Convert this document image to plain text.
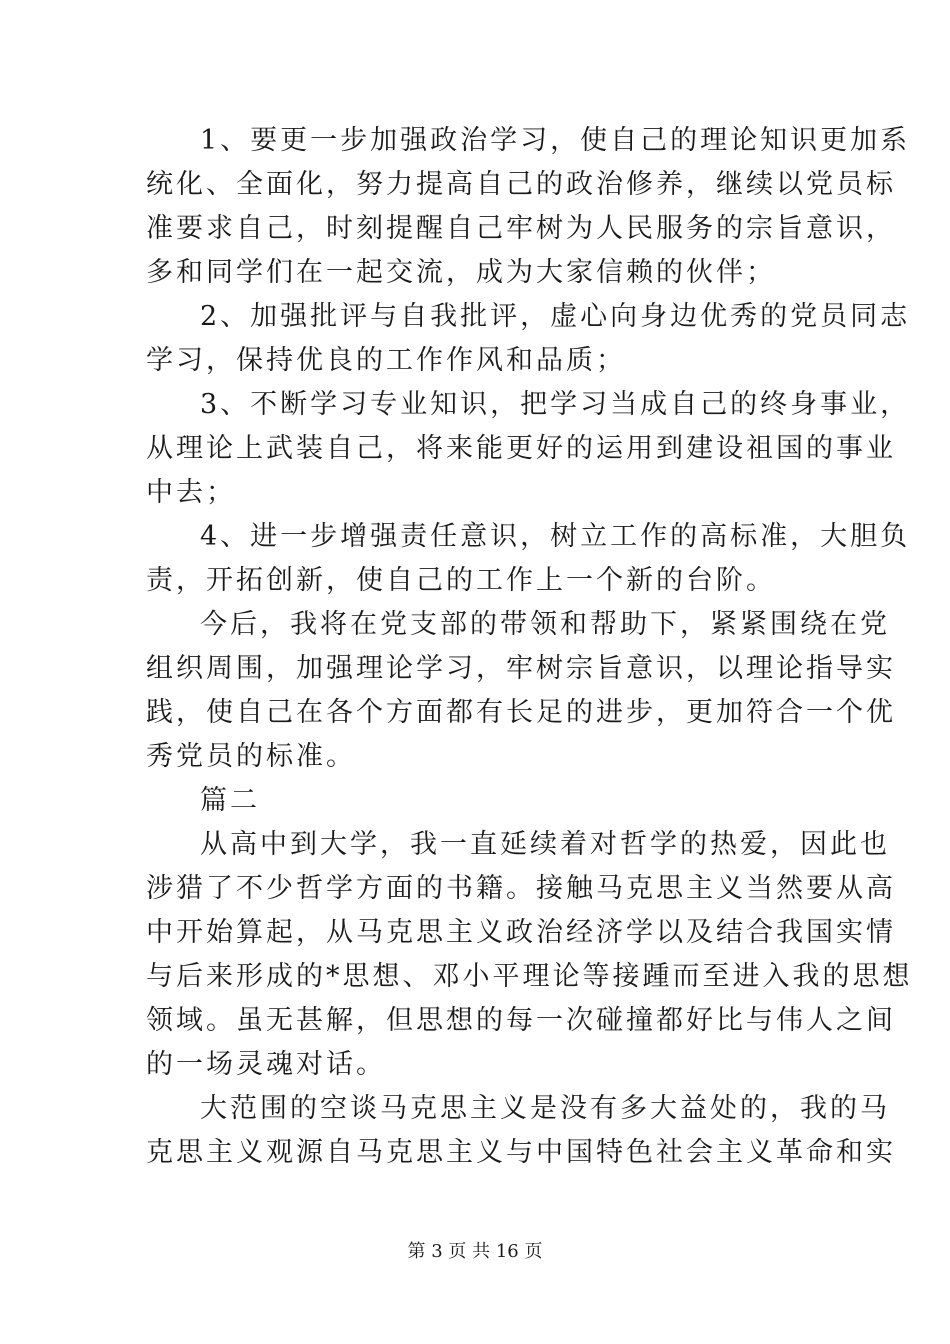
1、要更一步加强政治学习，使自己的理论知识更加系
统化、全面化，努力提高自己的政治修养，继续以党员标
准要求自己，时刻提醒自己牢树为人民服务的宗旨意识，
多和同学们在一起交流，成为大家信赖的伙伴；
2、加强批评与自我批评，虚心向身边优秀的党员同志
学习，保持优良的工作作风和品质；
3、不断学习专业知识，把学习当成自己的终身事业，
从理论上武装自己，将来能更好的运用到建设祖国的事业
中去；
4、进一步增强责任意识，树立工作的高标准，大胆负
责，开拓创新，使自己的工作上一个新的台阶。
今后，我将在党支部的带领和帮助下，紧紧围绕在党
组织周围，加强理论学习，牢树宗旨意识，以理论指导实
践，使自己在各个方面都有长足的进步，更加符合一个优
秀党员的标准。
篇二
从高中到大学，我一直延续着对哲学的热爱，因此也
涉猎了不少哲学方面的书籍。接触马克思主义当然要从高
中开始算起，从马克思主义政治经济学以及结合我国实情
与后来形成的*思想、邓小平理论等接踵而至进入我的思想
领域。虽无甚解，但思想的每一次碰撞都好比与伟人之间
的一场灵魂对话。
大范围的空谈马克思主义是没有多大益处的，我的马
克思主义观源自马克思主义与中国特色社会主义革命和实
第 3 页 共 16 页
